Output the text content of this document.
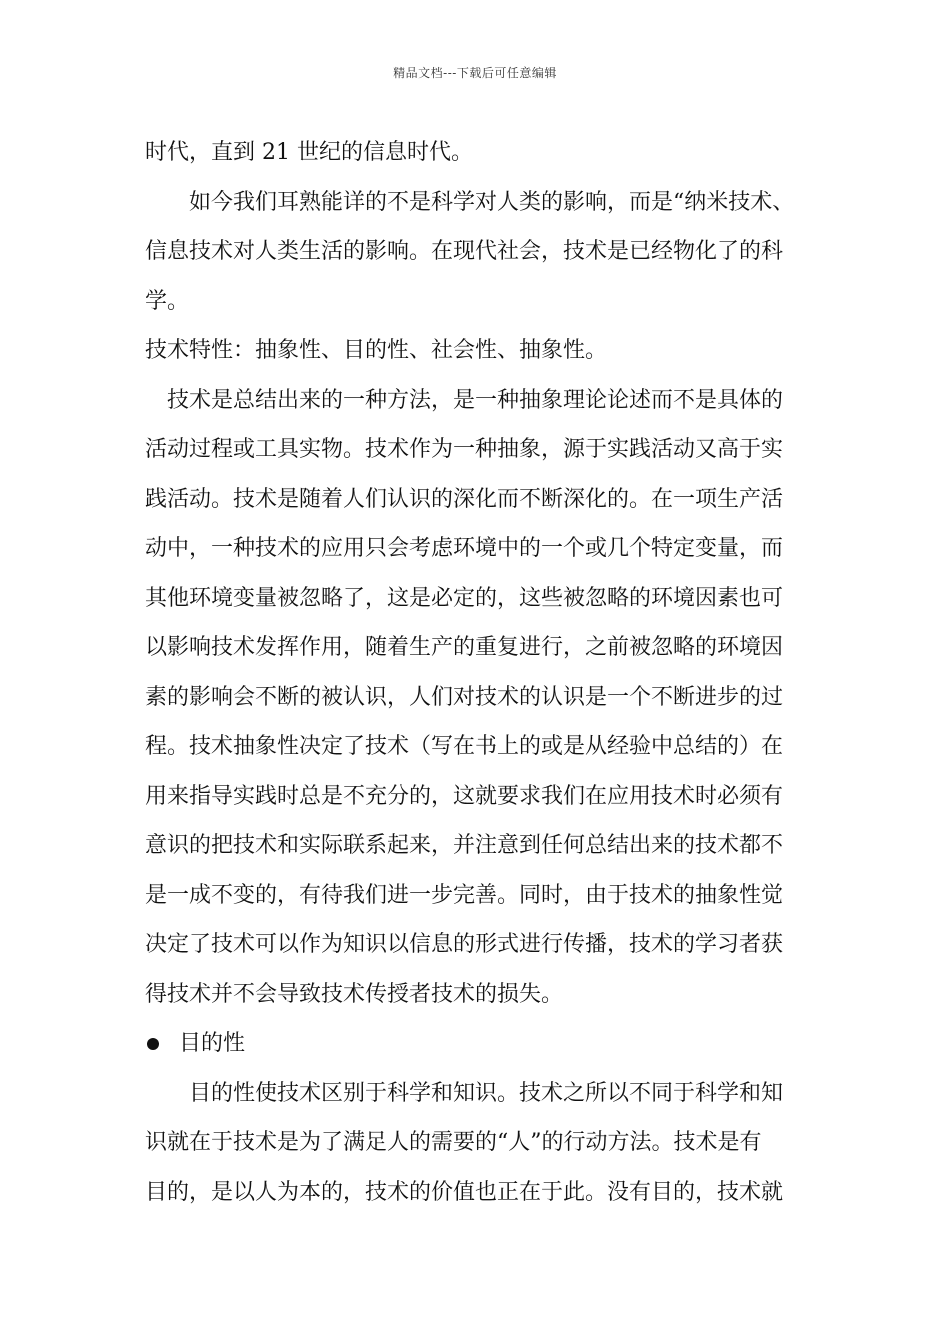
精品文档---下载后可任意编辑
时代，直到 21 世纪的信息时代。
如今我们耳熟能详的不是科学对人类的影响，而是“纳米技术、
信息技术对人类生活的影响。在现代社会，技术是已经物化了的科
学。
技术特性：抽象性、目的性、社会性、抽象性。
技术是总结出来的一种方法，是一种抽象理论论述而不是具体的
活动过程或工具实物。技术作为一种抽象，源于实践活动又高于实
践活动。技术是随着人们认识的深化而不断深化的。在一项生产活
动中，一种技术的应用只会考虑环境中的一个或几个特定变量，而
其他环境变量被忽略了，这是必定的，这些被忽略的环境因素也可
以影响技术发挥作用，随着生产的重复进行，之前被忽略的环境因
素的影响会不断的被认识，人们对技术的认识是一个不断进步的过
程。技术抽象性决定了技术（写在书上的或是从经验中总结的）在
用来指导实践时总是不充分的，这就要求我们在应用技术时必须有
意识的把技术和实际联系起来，并注意到任何总结出来的技术都不
是一成不变的，有待我们进一步完善。同时，由于技术的抽象性觉
决定了技术可以作为知识以信息的形式进行传播，技术的学习者获
得技术并不会导致技术传授者技术的损失。
目的性
目的性使技术区别于科学和知识。技术之所以不同于科学和知
识就在于技术是为了满足人的需要的“人”的行动方法。技术是有
目的，是以人为本的，技术的价值也正在于此。没有目的，技术就
